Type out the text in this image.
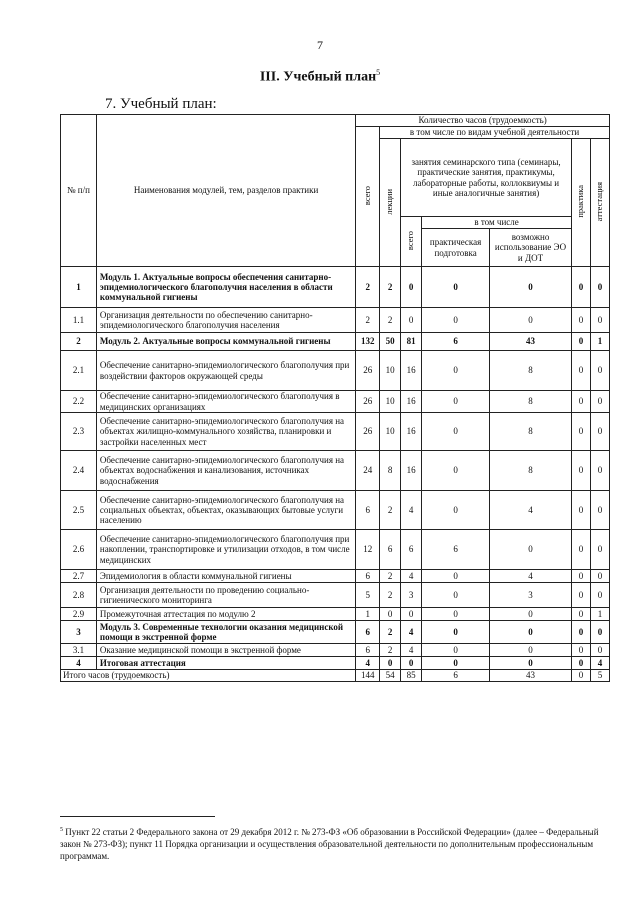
7
III. Учебный план$^5$
7. Учебный план:
№ п/п	Наименования модулей, тем, разделов практики	Количество часов (трудоемкость)						
		всего	в том числе по видам учебной деятельности					
			лекции	занятия семинарского типа (семинары, практические занятия, практикумы, лабораторные работы, коллоквиумы и иные аналогичные занятия)			практика	аттестация
				всего	в том числе			
					практическая подготовка	возможно использование ЭО и ДОТ		
1	Модуль 1. Актуальные вопросы обеспечения санитарно-эпидемиологического благополучия населения в области коммунальной гигиены	2	2	0	0	0	0	0
1.1	Организация деятельности по обеспечению санитарно-эпидемиологического благополучия населения	2	2	0	0	0	0	0
2	Модуль 2. Актуальные вопросы коммунальной гигиены	132	50	81	6	43	0	1
2.1	Обеспечение санитарно-эпидемиологического благополучия при воздействии факторов окружающей среды	26	10	16	0	8	0	0
2.2	Обеспечение санитарно-эпидемиологического благополучия в медицинских организациях	26	10	16	0	8	0	0
2.3	Обеспечение санитарно-эпидемиологического благополучия на объектах жилищно-коммунального хозяйства, планировки и застройки населенных мест	26	10	16	0	8	0	0
2.4	Обеспечение санитарно-эпидемиологического благополучия на объектах водоснабжения и канализования, источниках водоснабжения	24	8	16	0	8	0	0
2.5	Обеспечение санитарно-эпидемиологического благополучия на социальных объектах, объектах, оказывающих бытовые услуги населению	6	2	4	0	4	0	0
2.6	Обеспечение санитарно-эпидемиологического благополучия при накоплении, транспортировке и утилизации отходов, в том числе медицинских	12	6	6	6	0	0	0
2.7	Эпидемиология в области коммунальной гигиены	6	2	4	0	4	0	0
2.8	Организация деятельности по проведению социально-гигиенического мониторинга	5	2	3	0	3	0	0
2.9	Промежуточная аттестация по модулю 2	1	0	0	0	0	0	1
3	Модуль 3. Современные технологии оказания медицинской помощи в экстренной форме	6	2	4	0	0	0	0
3.1	Оказание медицинской помощи в экстренной форме	6	2	4	0	0	0	0
4	Итоговая аттестация	4	0	0	0	0	0	4
Итого часов (трудоемкость)		144	54	85	6	43	0	5
$^5$ Пункт 22 статьи 2 Федерального закона от 29 декабря 2012 г. № 273-ФЗ «Об образовании в Российской Федерации» (далее – Федеральный закон № 273-ФЗ); пункт 11 Порядка организации и осуществления образовательной деятельности по дополнительным профессиональным программам.
